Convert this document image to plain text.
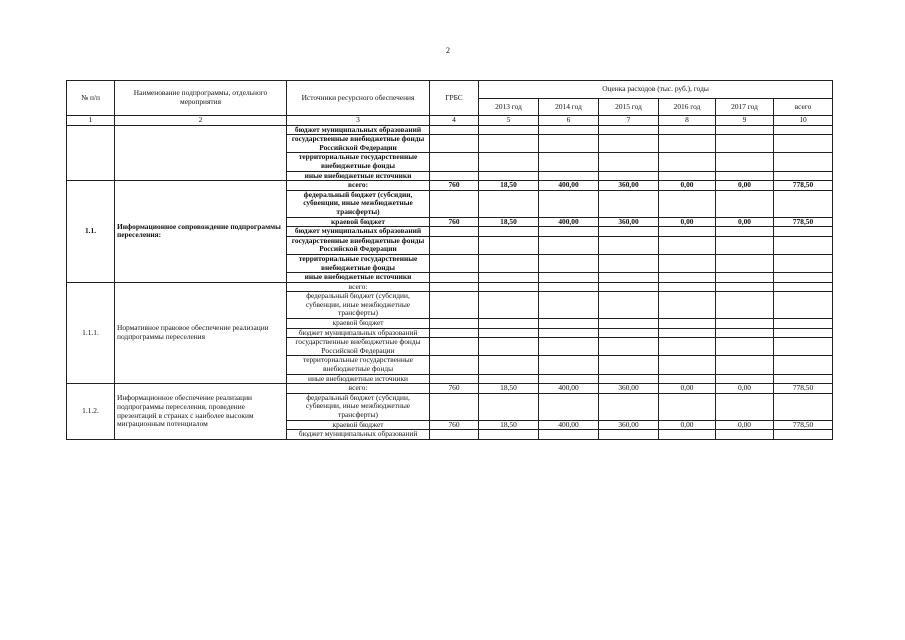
2
№ п/п	Наименование подпрограммы, отдельного мероприятия	Источники ресурсного обеспечения	ГРБС	Оценка расходов (тыс. руб.), годы					
				2013 год	2014 год	2015 год	2016 год	2017 год	всего
1	2	3	4	5	6	7	8	9	10
		бюджет муниципальных образований							
		государственные внебюджетные фонды Российской Федерации							
		территориальные государственные внебюджетные фонды							
		иные внебюджетные источники							
1.1.	Информационное сопровождение подпрограммы переселения:	всего:	760	18,50	400,00	360,00	0,00	0,00	778,50
		федеральный бюджет (субсидии, субвенции, иные межбюджетные трансферты)							
		краевой бюджет	760	18,50	400,00	360,00	0,00	0,00	778,50
		бюджет муниципальных образований							
		государственные внебюджетные фонды Российской Федерации							
		территориальные государственные внебюджетные фонды							
		иные внебюджетные источники							
1.1.1.	Нормативное правовое обеспечение реализации подпрограммы переселения	всего:							
		федеральный бюджет (субсидии, субвенции, иные межбюджетные трансферты)							
		краевой бюджет							
		бюджет муниципальных образований							
		государственные внебюджетные фонды Российской Федерации							
		территориальные государственные внебюджетные фонды							
		иные внебюджетные источники							
1.1.2.	Информационное обеспечение реализации подпрограммы переселения, проведение презентаций в странах с наиболее высоким миграционным потенциалом	всего:	760	18,50	400,00	360,00	0,00	0,00	778,50
		федеральный бюджет (субсидии, субвенции, иные межбюджетные трансферты)							
		краевой бюджет	760	18,50	400,00	360,00	0,00	0,00	778,50
		бюджет муниципальных образований							
